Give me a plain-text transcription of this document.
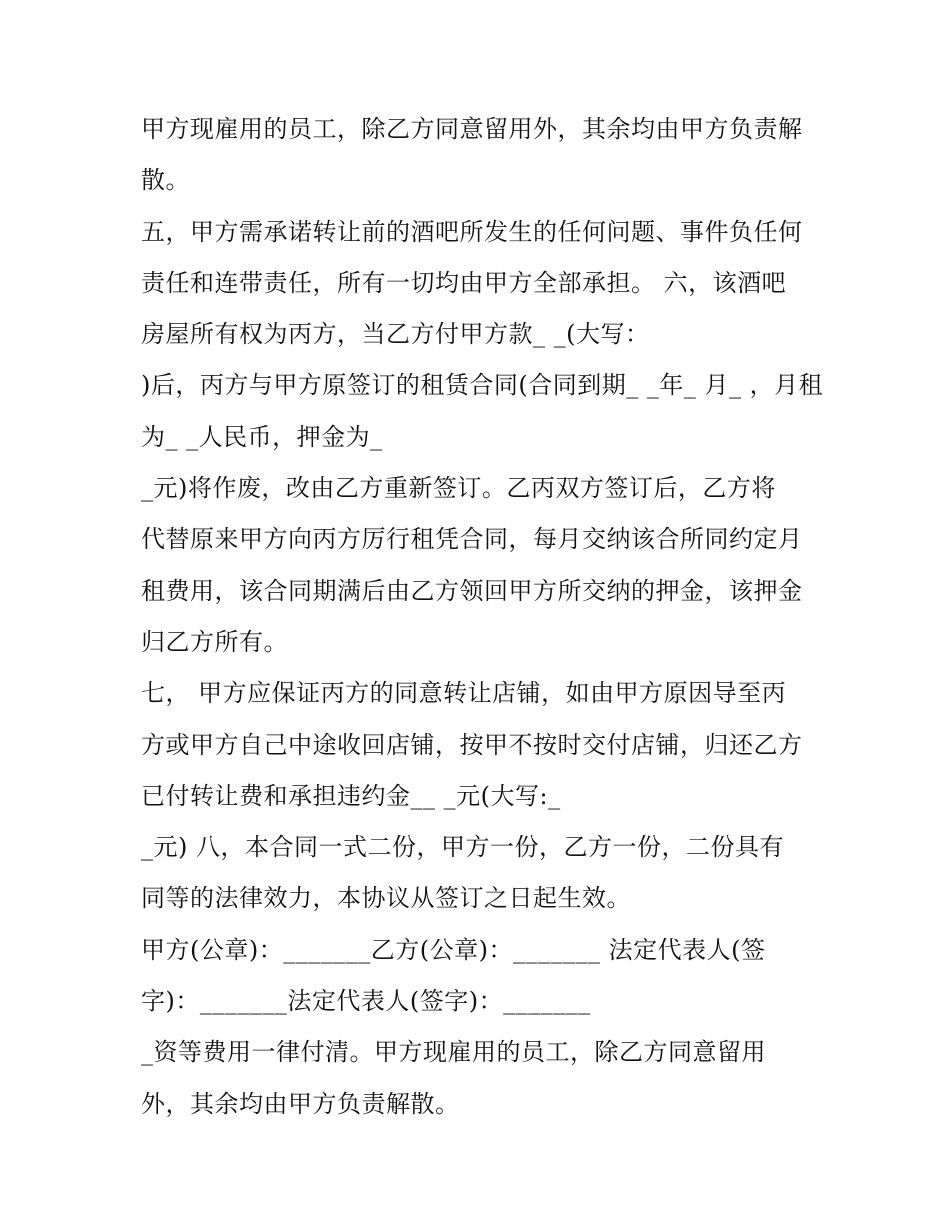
甲方现雇用的员工，除乙方同意留用外，其余均由甲方负责解
散。
五，甲方需承诺转让前的酒吧所发生的任何问题、事件负任何
责任和连带责任，所有一切均由甲方全部承担。 六，该酒吧
房屋所有权为丙方，当乙方付甲方款_ _(大写：
)后，丙方与甲方原签订的租赁合同(合同到期_ _年_ 月_ ，月租
为_ _人民币，押金为_
_元)将作废，改由乙方重新签订。乙丙双方签订后，乙方将
代替原来甲方向丙方厉行租凭合同，每月交纳该合所同约定月
租费用，该合同期满后由乙方领回甲方所交纳的押金，该押金
归乙方所有。
七， 甲方应保证丙方的同意转让店铺，如由甲方原因导至丙
方或甲方自己中途收回店铺，按甲不按时交付店铺，归还乙方
已付转让费和承担违约金__ _元(大写:_
_元) 八，本合同一式二份，甲方一份，乙方一份，二份具有
同等的法律效力，本协议从签订之日起生效。
甲方(公章)：_______乙方(公章)：_______ 法定代表人(签
字)：_______法定代表人(签字)：_______
_资等费用一律付清。甲方现雇用的员工，除乙方同意留用
外，其余均由甲方负责解散。
